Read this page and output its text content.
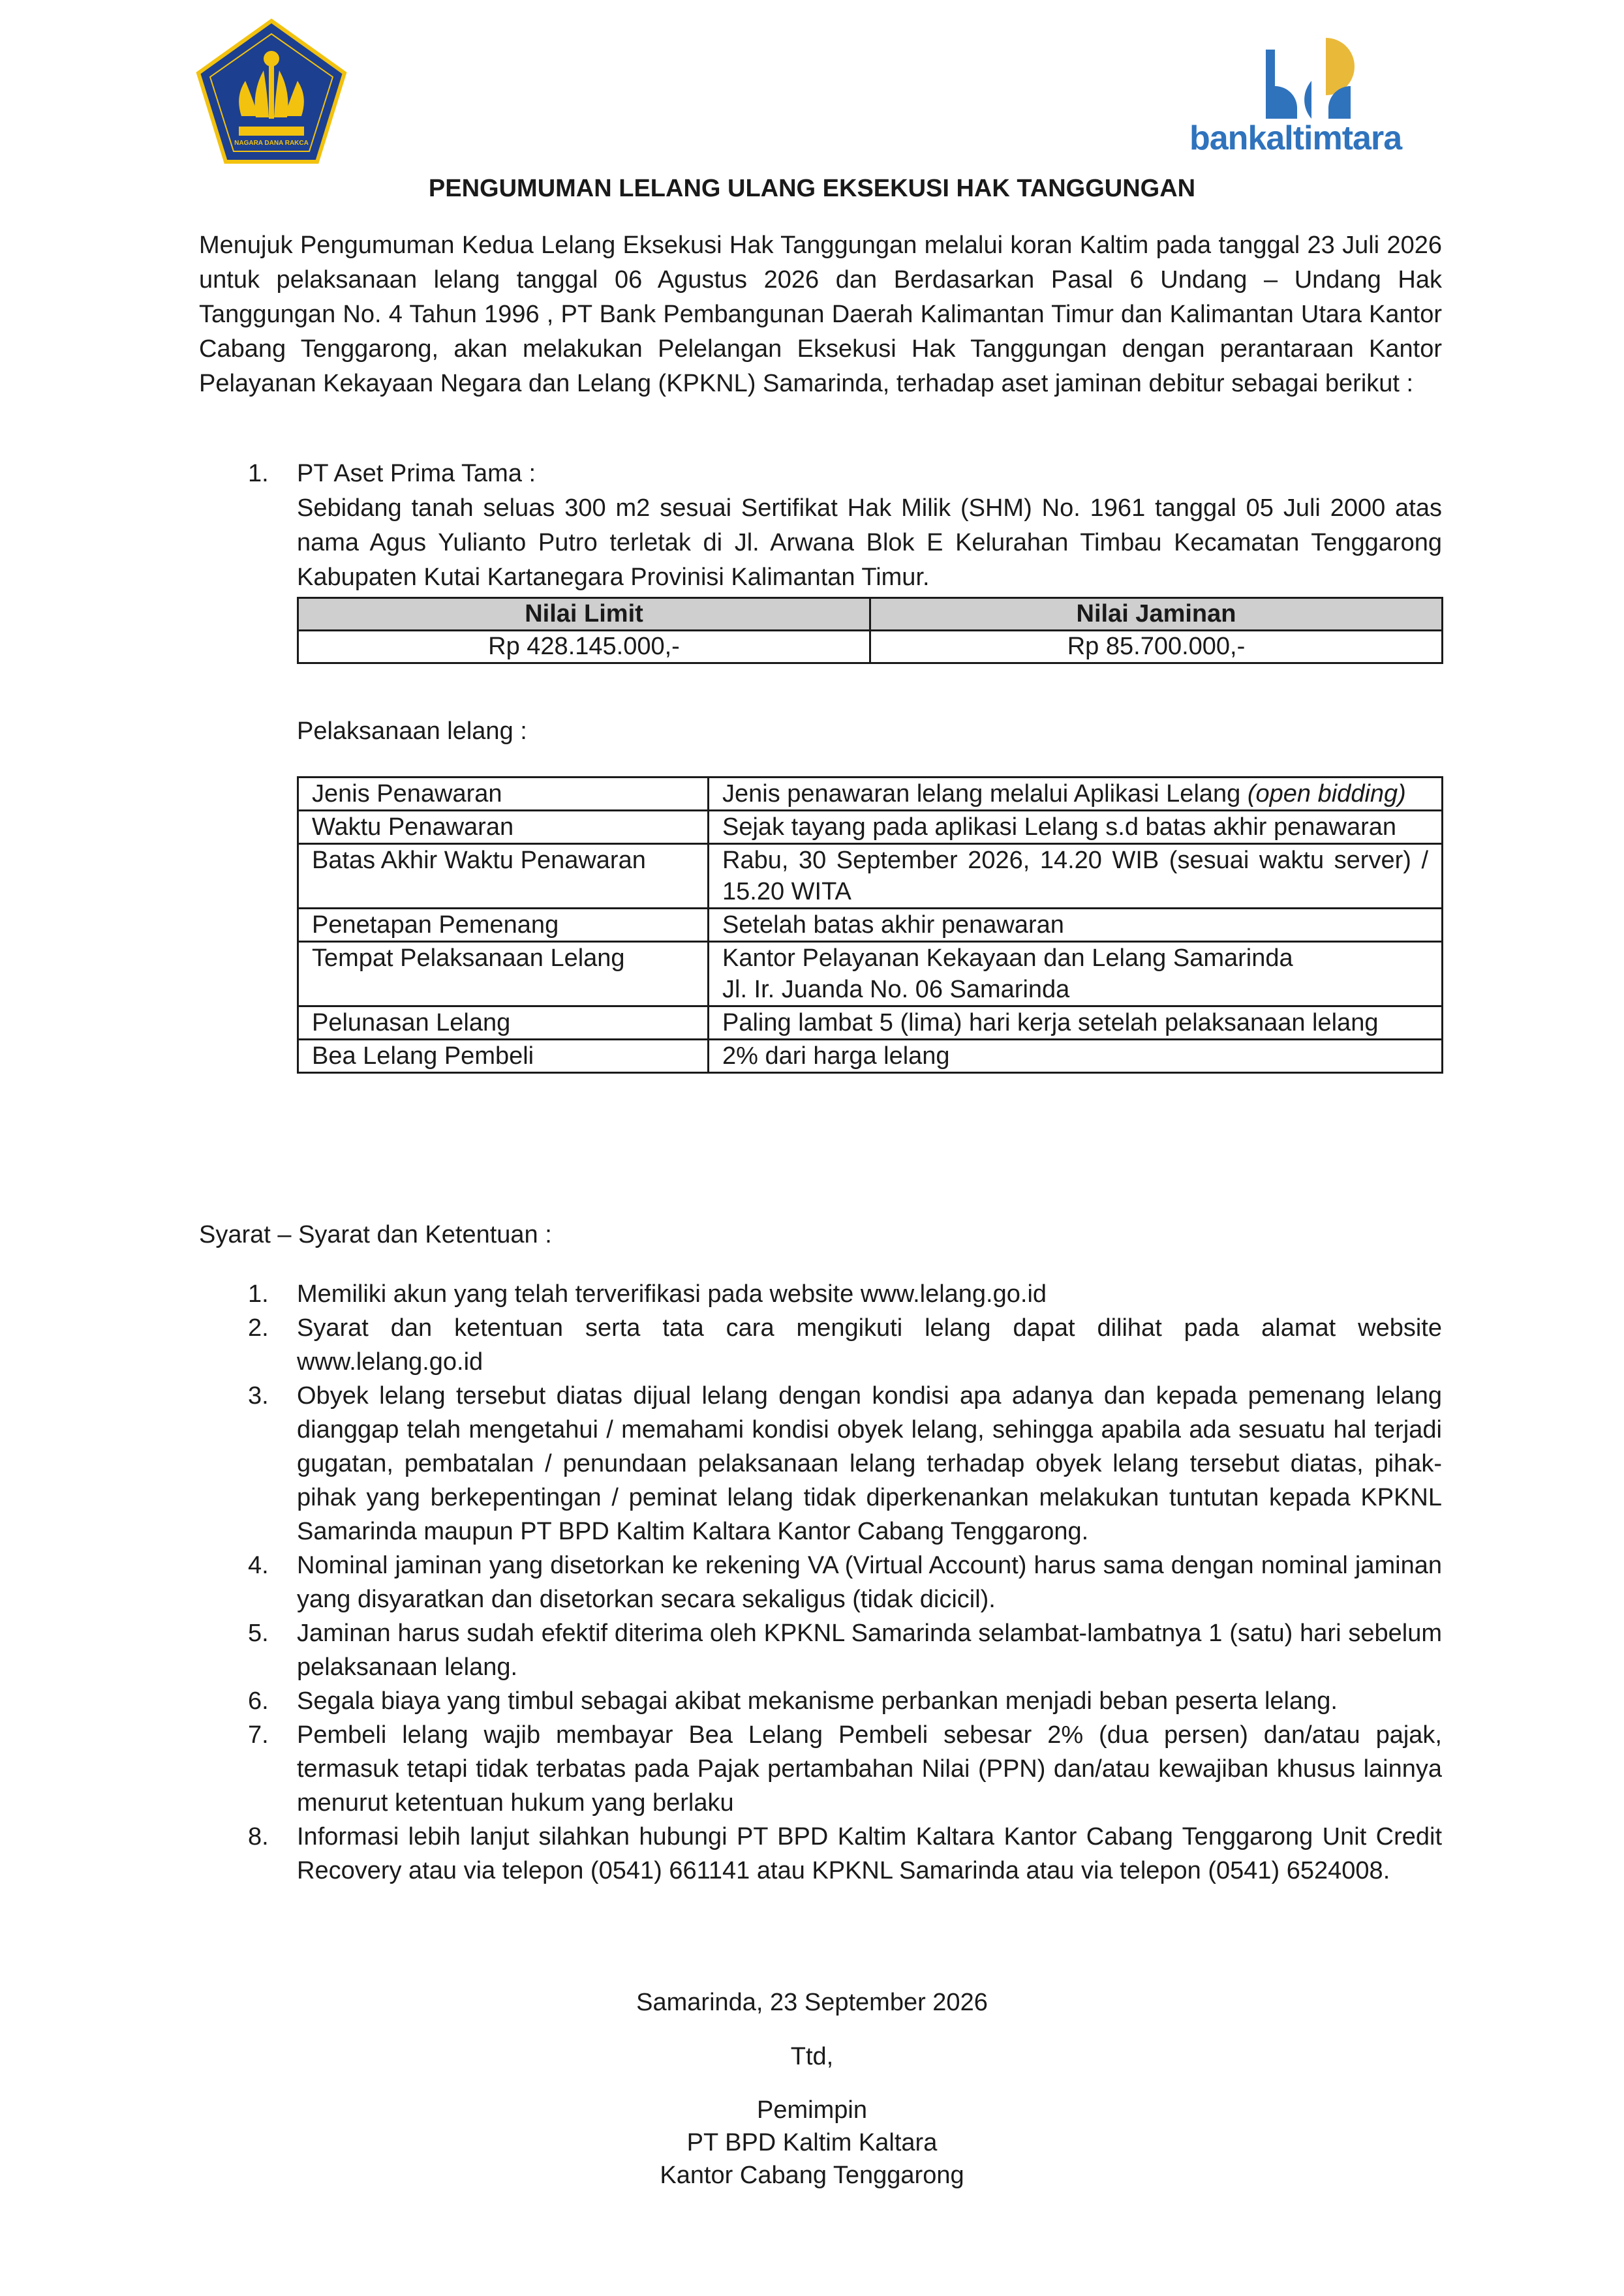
NAGARA DANA RAKCA	bankaltimtara
PENGUMUMAN LELANG ULANG EKSEKUSI HAK TANGGUNGAN
Menujuk Pengumuman Kedua Lelang Eksekusi Hak Tanggungan melalui koran Kaltim pada tanggal 23 Juli 2026 untuk pelaksanaan lelang tanggal 06 Agustus 2026 dan Berdasarkan Pasal 6 Undang – Undang Hak Tanggungan No. 4 Tahun 1996 , PT Bank Pembangunan Daerah Kalimantan Timur dan Kalimantan Utara Kantor Cabang Tenggarong, akan melakukan Pelelangan Eksekusi Hak Tanggungan dengan perantaraan Kantor Pelayanan Kekayaan Negara dan Lelang (KPKNL) Samarinda, terhadap aset jaminan debitur sebagai berikut :
1.	PT Aset Prima Tama :
Sebidang tanah seluas 300 m2 sesuai Sertifikat Hak Milik (SHM) No. 1961 tanggal 05 Juli 2000 atas nama Agus Yulianto Putro terletak di Jl. Arwana Blok E Kelurahan Timbau Kecamatan Tenggarong Kabupaten Kutai Kartanegara Provinisi Kalimantan Timur.
Nilai Limit	Nilai Jaminan
Rp 428.145.000,-	Rp 85.700.000,-
Pelaksanaan lelang :
Jenis Penawaran	Jenis penawaran lelang melalui Aplikasi Lelang (open bidding)
Waktu Penawaran	Sejak tayang pada aplikasi Lelang s.d batas akhir penawaran
Batas Akhir Waktu Penawaran	Rabu, 30 September 2026, 14.20 WIB (sesuai waktu server) / 15.20 WITA
Penetapan Pemenang	Setelah batas akhir penawaran
Tempat Pelaksanaan Lelang	Kantor Pelayanan Kekayaan dan Lelang Samarinda
Jl. Ir. Juanda No. 06 Samarinda

Pelunasan Lelang	Paling lambat 5 (lima) hari kerja setelah pelaksanaan lelang
Bea Lelang Pembeli	2% dari harga lelang
Syarat – Syarat dan Ketentuan :
1. Memiliki akun yang telah terverifikasi pada website www.lelang.go.id
2. Syarat dan ketentuan serta tata cara mengikuti lelang dapat dilihat pada alamat website www.lelang.go.id
3. Obyek lelang tersebut diatas dijual lelang dengan kondisi apa adanya dan kepada pemenang lelang dianggap telah mengetahui / memahami kondisi obyek lelang, sehingga apabila ada sesuatu hal terjadi gugatan, pembatalan / penundaan pelaksanaan lelang terhadap obyek lelang tersebut diatas, pihak-pihak yang berkepentingan / peminat lelang tidak diperkenankan melakukan tuntutan kepada KPKNL Samarinda maupun PT BPD Kaltim Kaltara Kantor Cabang Tenggarong.
4. Nominal jaminan yang disetorkan ke rekening VA (Virtual Account) harus sama dengan nominal jaminan yang disyaratkan dan disetorkan secara sekaligus (tidak dicicil).
5. Jaminan harus sudah efektif diterima oleh KPKNL Samarinda selambat-lambatnya 1 (satu) hari sebelum pelaksanaan lelang.
6. Segala biaya yang timbul sebagai akibat mekanisme perbankan menjadi beban peserta lelang.
7. Pembeli lelang wajib membayar Bea Lelang Pembeli sebesar 2% (dua persen) dan/atau pajak, termasuk tetapi tidak terbatas pada Pajak pertambahan Nilai (PPN) dan/atau kewajiban khusus lainnya menurut ketentuan hukum yang berlaku
8. Informasi lebih lanjut silahkan hubungi PT BPD Kaltim Kaltara Kantor Cabang Tenggarong Unit Credit Recovery atau via telepon (0541) 661141 atau KPKNL Samarinda atau via telepon (0541) 6524008.
Samarinda, 23 September 2026
Ttd,
Pemimpin
PT BPD Kaltim Kaltara
Kantor Cabang Tenggarong
